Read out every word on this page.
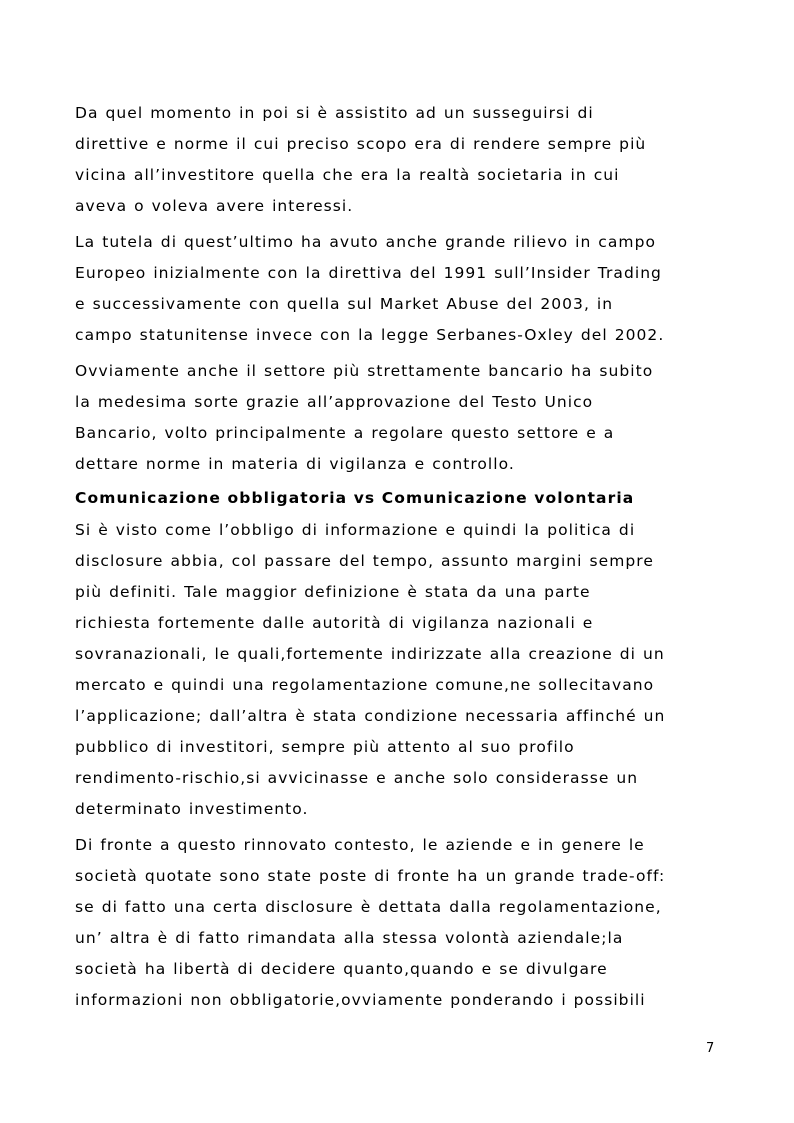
Da quel momento in poi si è assistito ad un susseguirsi di
direttive e norme il cui preciso scopo era di rendere sempre più
vicina all’investitore quella che era la realtà societaria in cui
aveva o voleva avere interessi.
La tutela di quest’ultimo ha avuto anche grande rilievo in campo
Europeo inizialmente con la direttiva del 1991 sull’Insider Trading
e successivamente con quella sul Market Abuse del 2003, in
campo statunitense invece con la legge Serbanes-Oxley del 2002.
Ovviamente anche il settore più strettamente bancario ha subito
la medesima sorte grazie all’approvazione del Testo Unico
Bancario, volto principalmente a regolare questo settore e a
dettare norme in materia di vigilanza e controllo.
Comunicazione obbligatoria vs Comunicazione volontaria
Si è visto come l’obbligo di informazione e quindi la politica di
disclosure abbia, col passare del tempo, assunto margini sempre
più definiti. Tale maggior definizione è stata da una parte
richiesta fortemente dalle autorità di vigilanza nazionali e
sovranazionali, le quali,fortemente indirizzate alla creazione di un
mercato e quindi una regolamentazione comune,ne sollecitavano
l’applicazione; dall’altra è stata condizione necessaria affinché un
pubblico di investitori, sempre più attento al suo profilo
rendimento-rischio,si avvicinasse e anche solo considerasse un
determinato investimento.
Di fronte a questo rinnovato contesto, le aziende e in genere le
società quotate sono state poste di fronte ha un grande trade-off:
se di fatto una certa disclosure è dettata dalla regolamentazione,
un’ altra è di fatto rimandata alla stessa volontà aziendale;la
società ha libertà di decidere quanto,quando e se divulgare
informazioni non obbligatorie,ovviamente ponderando i possibili
7
